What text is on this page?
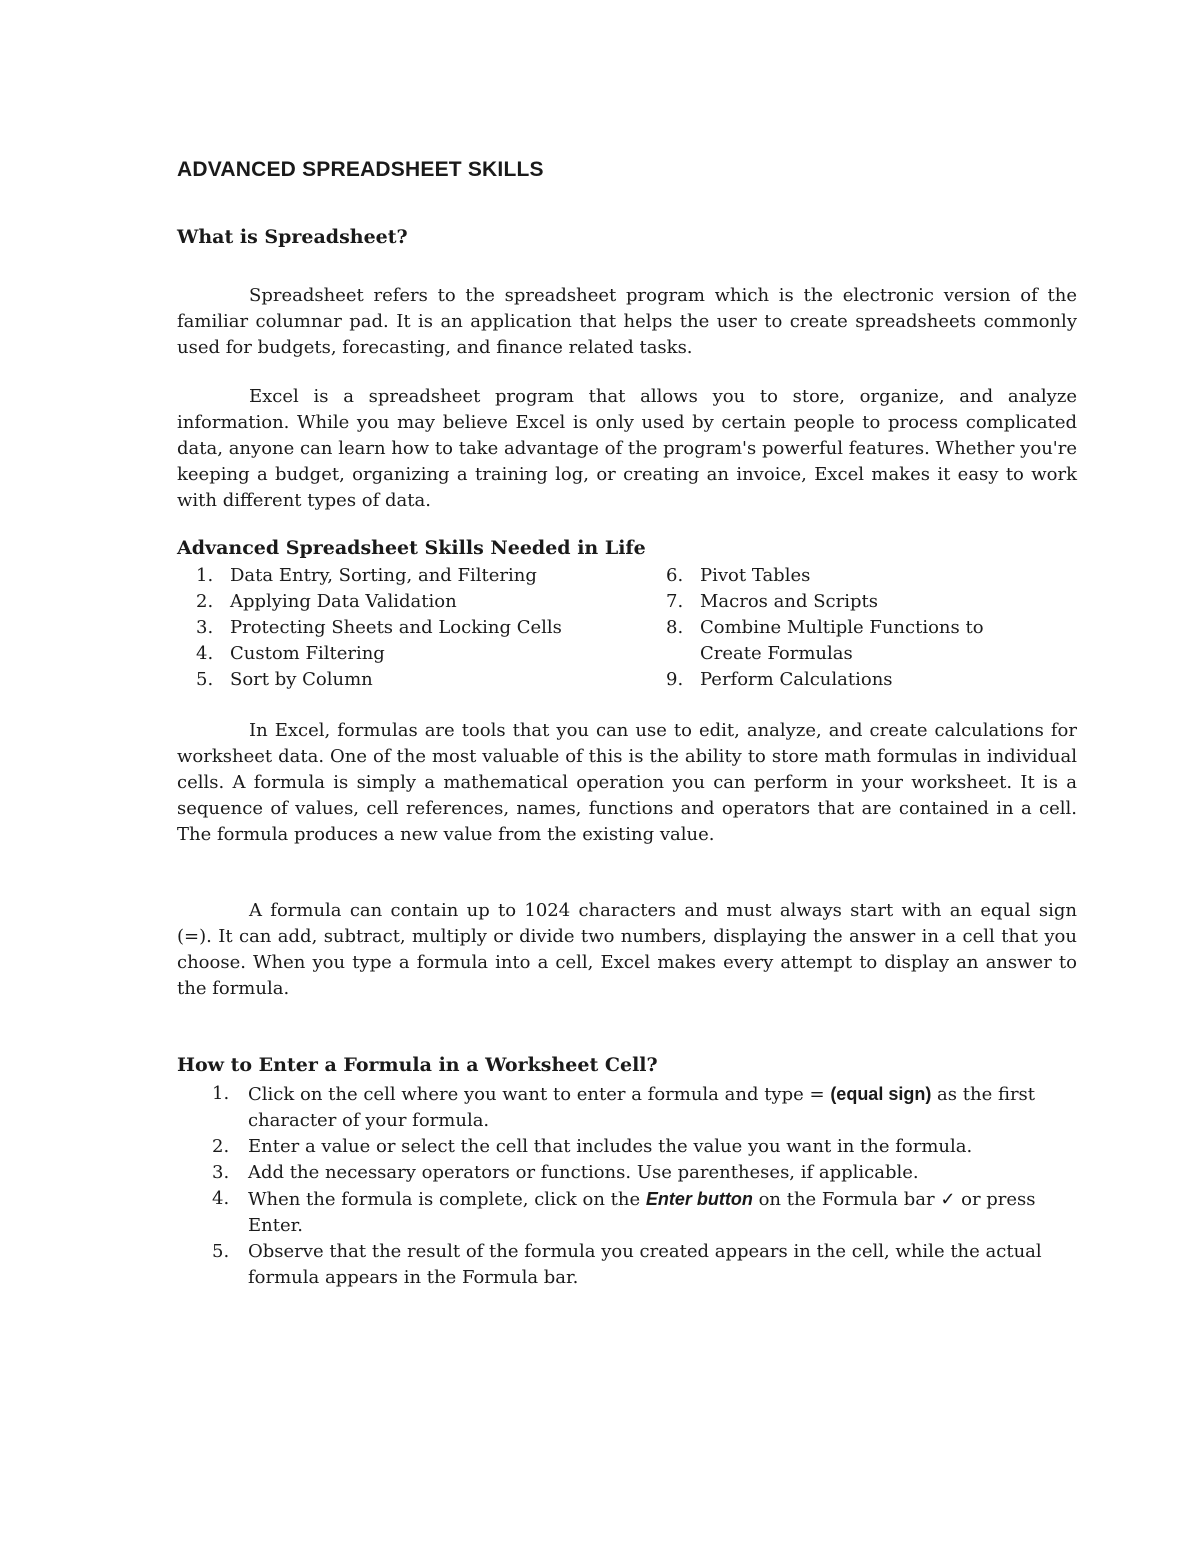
ADVANCED SPREADSHEET SKILLS
What is Spreadsheet?

Spreadsheet refers to the spreadsheet program which is the electronic version of the familiar columnar pad. It is an application that helps the user to create spreadsheets commonly used for budgets, forecasting, and finance related tasks.

Excel is a spreadsheet program that allows you to store, organize, and analyze information. While you may believe Excel is only used by certain people to process complicated data, anyone can learn how to take advantage of the program's powerful features. Whether you're keeping a budget, organizing a training log, or creating an invoice, Excel makes it easy to work with different types of data.

Advanced Spreadsheet Skills Needed in Life
1. Data Entry, Sorting, and Filtering
2. Applying Data Validation
3. Protecting Sheets and Locking Cells
4. Custom Filtering
5. Sort by Column
6. Pivot Tables
7. Macros and Scripts
8. Combine Multiple Functions to Create Formulas
9. Perform Calculations

In Excel, formulas are tools that you can use to edit, analyze, and create calculations for worksheet data. One of the most valuable of this is the ability to store math formulas in individual cells. A formula is simply a mathematical operation you can perform in your worksheet. It is a sequence of values, cell references, names, functions and operators that are contained in a cell. The formula produces a new value from the existing value.

A formula can contain up to 1024 characters and must always start with an equal sign (=). It can add, subtract, multiply or divide two numbers, displaying the answer in a cell that you choose. When you type a formula into a cell, Excel makes every attempt to display an answer to the formula.

How to Enter a Formula in a Worksheet Cell?
1.	Click on the cell where you want to enter a formula and type = (equal sign) as the first character of your formula.
2.	Enter a value or select the cell that includes the value you want in the formula.
3.	Add the necessary operators or functions. Use parentheses, if applicable.
4.	When the formula is complete, click on the Enter button on the Formula bar ✓ or press Enter.
5.	Observe that the result of the formula you created appears in the cell, while the actual formula appears in the Formula bar.
